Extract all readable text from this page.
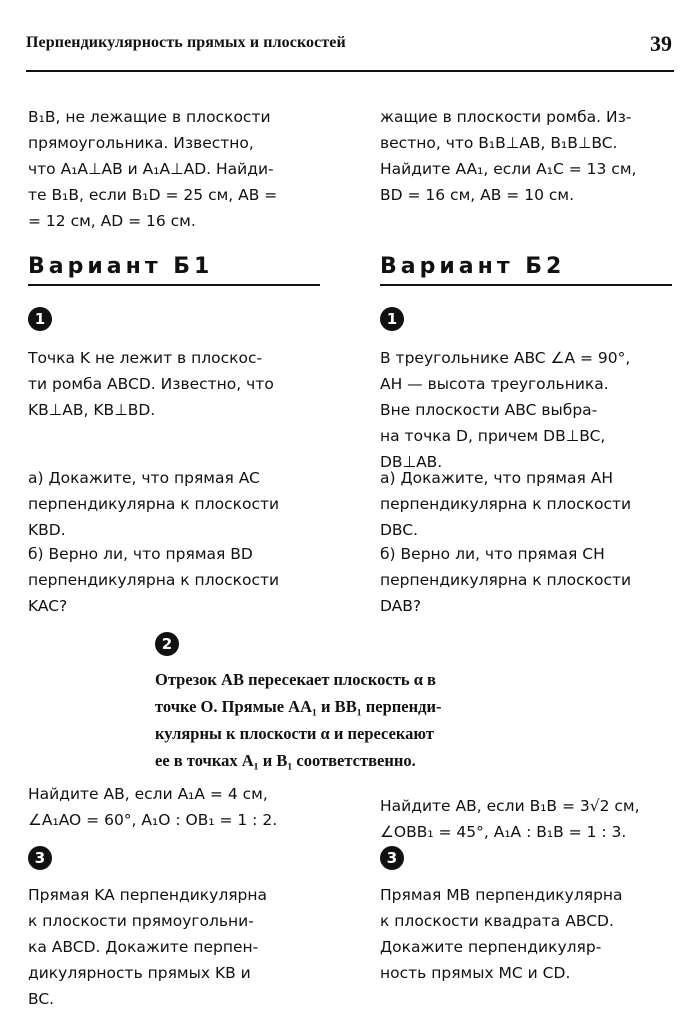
Перпендикулярность прямых и плоскостей	39

B₁B, не лежащие в плоскости

прямоугольника. Известно,

что A₁A⊥AB и A₁A⊥AD. Найди-

те B₁B, если B₁D = 25 см, AB =

= 12 см, AD = 16 см.

жащие в плоскости ромба. Из-

вестно, что B₁B⊥AB, B₁B⊥BC.

Найдите AA₁, если A₁C = 13 см,

BD = 16 см, AB = 10 см.

Вариант Б1	Вариант Б2
1	1

Точка K не лежит в плоскос-

ти ромба ABCD. Известно, что

KB⊥AB, KB⊥BD.

а) Докажите, что прямая AC

перпендикулярна к плоскости

KBD.

б) Верно ли, что прямая BD

перпендикулярна к плоскости

KAC?

В треугольнике ABC ∠A = 90°,

AH — высота треугольника.

Вне плоскости ABC выбра-

на точка D, причем DB⊥BC,

DB⊥AB.

а) Докажите, что прямая AH

перпендикулярна к плоскости

DBC.

б) Верно ли, что прямая CH

перпендикулярна к плоскости

DAB?

2

Отрезок AB пересекает плоскость α в

точке O. Прямые AA₁ и BB₁ перпенди-

кулярны к плоскости α и пересекают

ее в точках A₁ и B₁ соответственно.

Найдите AB, если A₁A = 4 см,

∠A₁AO = 60°, A₁O : OB₁ = 1 : 2.

Найдите AB, если B₁B = 3√2 см,

∠OBB₁ = 45°, A₁A : B₁B = 1 : 3.

3	3

Прямая KA перпендикулярна

к плоскости прямоугольни-

ка ABCD. Докажите перпен-

дикулярность прямых KB и

BC.

Прямая MB перпендикулярна

к плоскости квадрата ABCD.

Докажите перпендикуляр-

ность прямых MC и CD.
